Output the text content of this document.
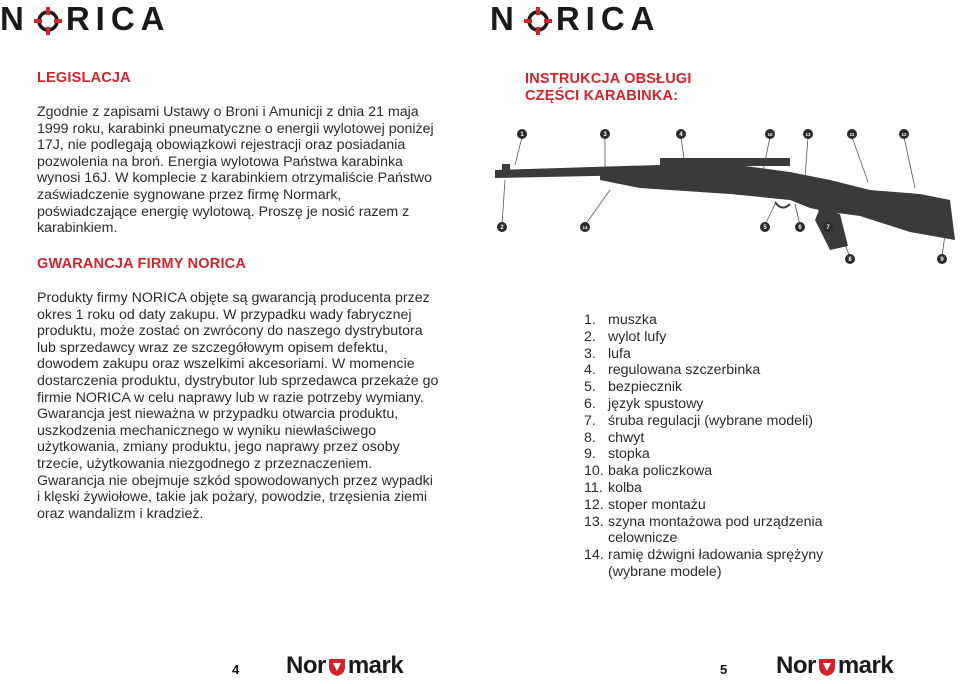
N RICA
LEGISLACJA
Zgodnie z zapisami Ustawy o Broni i Amunicji z dnia 21 maja 1999 roku, karabinki pneumatyczne o energii wylotowej poniżej 17J, nie podlegają obowiązkowi rejestracji oraz posiadania pozwolenia na broń. Energia wylotowa Państwa karabinka wynosi 16J. W komplecie z karabinkiem otrzymaliście Państwo zaświadczenie sygnowane przez firmę Normark, poświadczające energię wylotową. Proszę je nosić razem z karabinkiem.
GWARANCJA FIRMY NORICA
Produkty firmy NORICA objęte są gwarancją producenta przez okres 1 roku od daty zakupu. W przypadku wady fabrycznej produktu, może zostać on zwrócony do naszego dystrybutora lub sprzedawcy wraz ze szczegółowym opisem defektu, dowodem zakupu oraz wszelkimi akcesoriami. W momencie dostarczenia produktu, dystrybutor lub sprzedawca przekaże go firmie NORICA w celu naprawy lub w razie potrzeby wymiany. Gwarancja jest nieważna w przypadku otwarcia produktu, uszkodzenia mechanicznego w wyniku niewłaściwego użytkowania, zmiany produktu, jego naprawy przez osoby trzecie, użytkowania niezgodnego z przeznaczeniem. Gwarancja nie obejmuje szkód spowodowanych przez wypadki i klęski żywiołowe, takie jak pożary, powodzie, trzęsienia ziemi oraz wandalizm i kradzież.
4 Nor mark
N RICA
INSTRUKCJA OBSŁUGI
CZĘŚCI KARABINKA:
1	3	4	10	13	11	12
2	14	5	6	7
8	9
1. muszka
2. wylot lufy
3. lufa
4. regulowana szczerbinka
5. bezpiecznik
6. język spustowy
7. śruba regulacji (wybrane modeli)
8. chwyt
9. stopka
10. baka policzkowa
11. kolba
12. stoper montażu
13. szyna montażowa pod urządzenia celownicze
14. ramię dźwigni ładowania sprężyny (wybrane modele)
5 Nor mark
